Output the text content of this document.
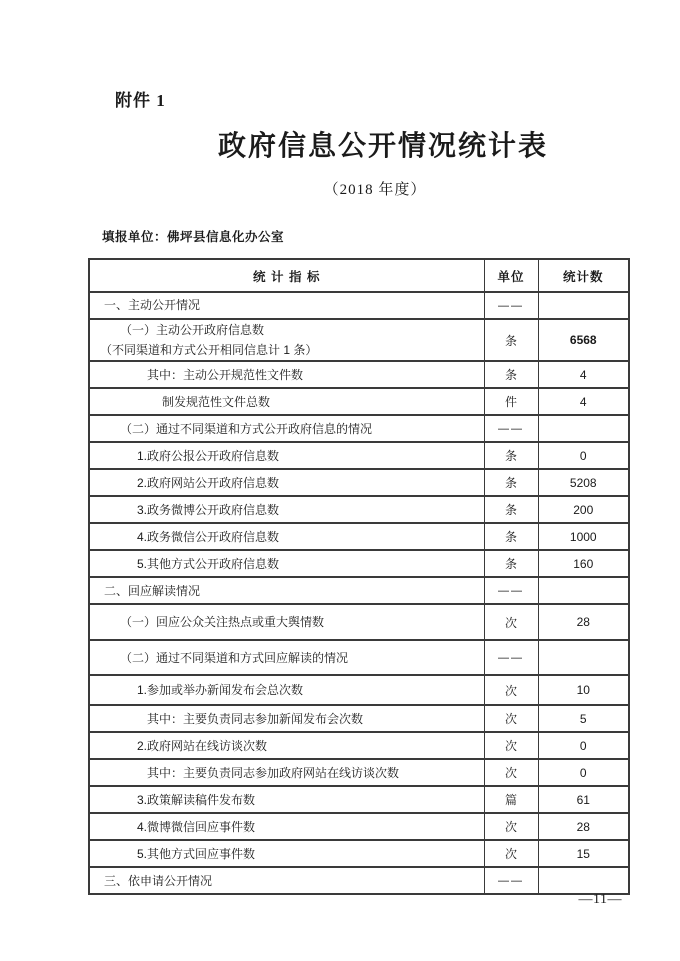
附件 1
政府信息公开情况统计表
（2018 年度）
填报单位：佛坪县信息化办公室
统 计 指 标	单位	统计数

一、主动公开情况	——	

（一）主动公开政府信息数
（不同渠道和方式公开相同信息计 1 条）	条	6568

其中：主动公开规范性文件数	条	4

制发规范性文件总数	件	4

（二）通过不同渠道和方式公开政府信息的情况	——	

1.政府公报公开政府信息数	条	0

2.政府网站公开政府信息数	条	5208

3.政务微博公开政府信息数	条	200

4.政务微信公开政府信息数	条	1000

5.其他方式公开政府信息数	条	160

二、回应解读情况	——	

（一）回应公众关注热点或重大舆情数	次	28

（二）通过不同渠道和方式回应解读的情况	——	

1.参加或举办新闻发布会总次数	次	10

其中：主要负责同志参加新闻发布会次数	次	5

2.政府网站在线访谈次数	次	0

其中：主要负责同志参加政府网站在线访谈次数	次	0

3.政策解读稿件发布数	篇	61

4.微博微信回应事件数	次	28

5.其他方式回应事件数	次	15

三、依申请公开情况	——	
—11—
